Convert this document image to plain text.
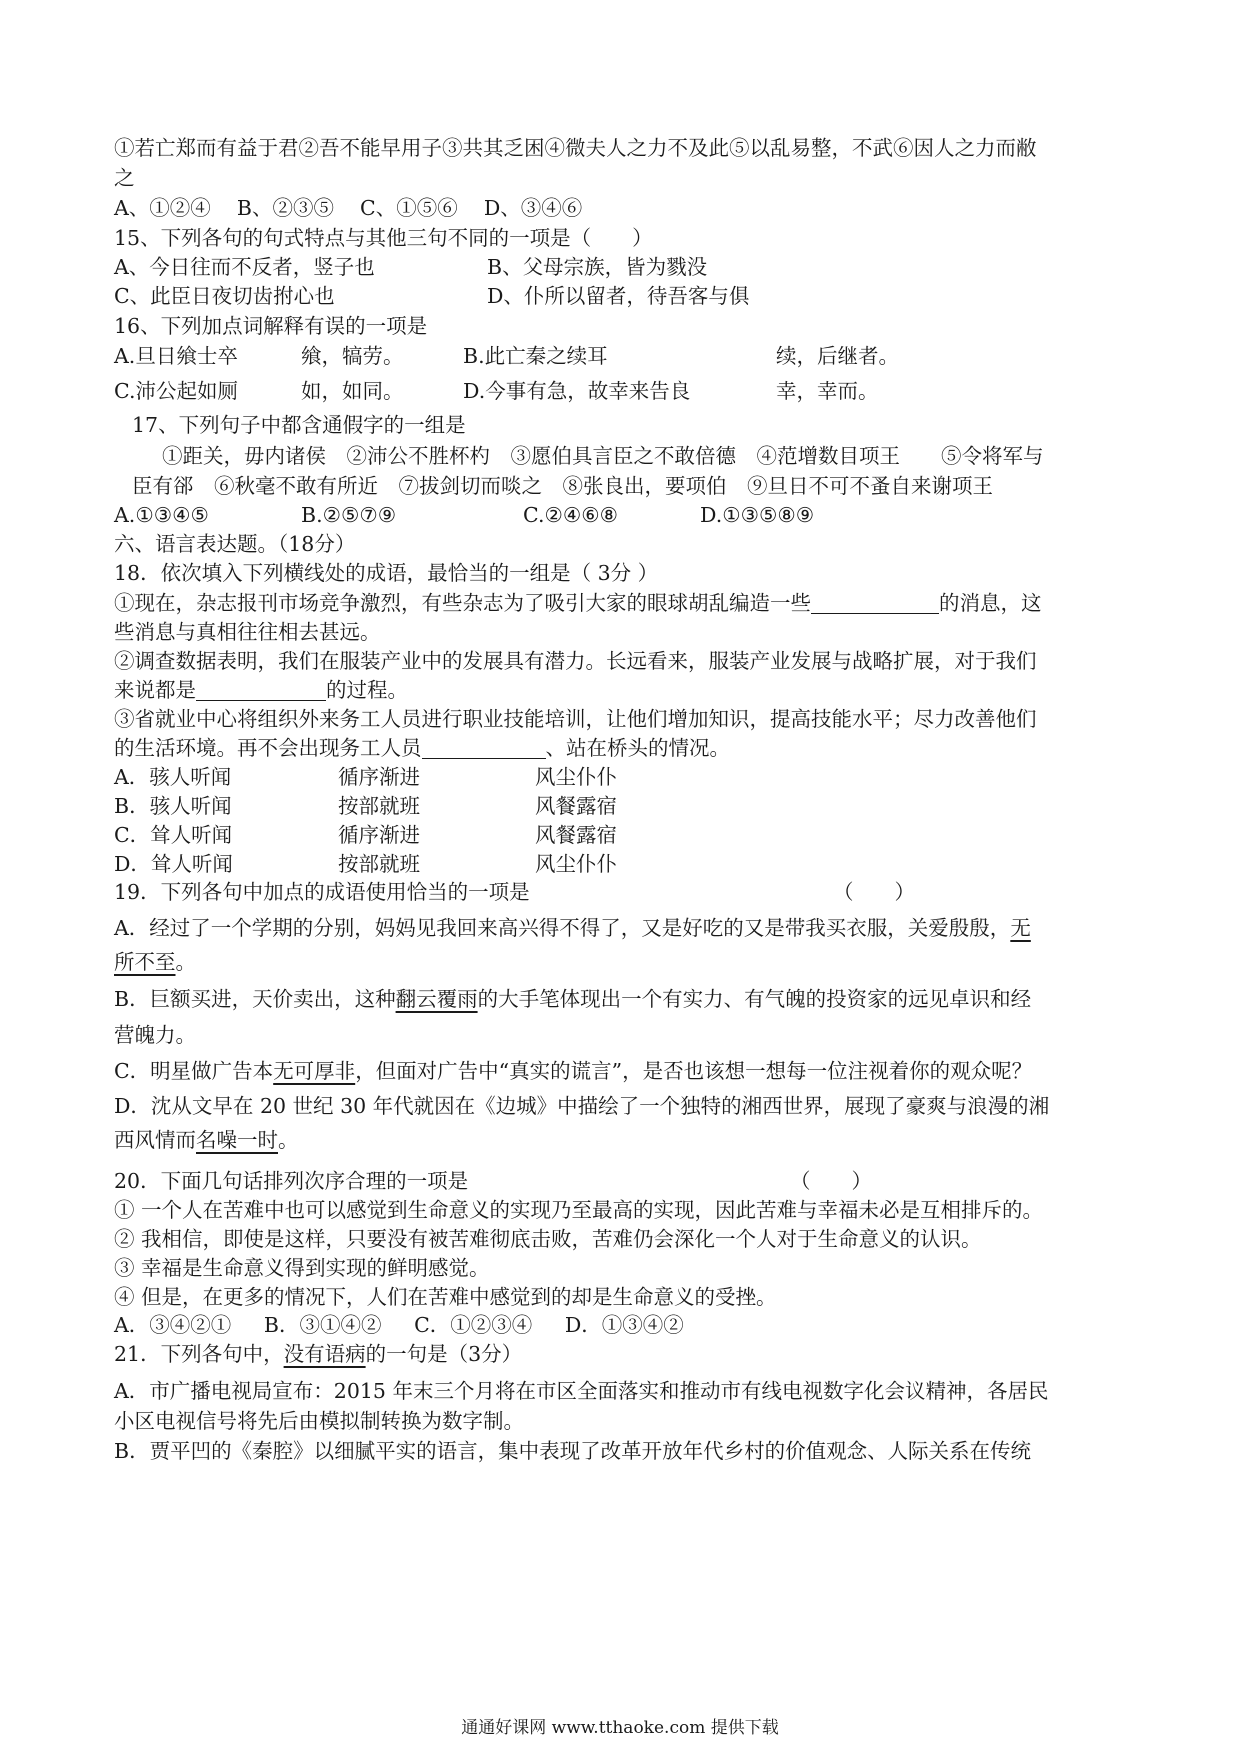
①若亡郑而有益于君②吾不能早用子③共其乏困④微夫人之力不及此⑤以乱易整，不武⑥因人之力而敝
之
A、①②④ B、②③⑤ C、①⑤⑥ D、③④⑥
15、下列各句的句式特点与其他三句不同的一项是（　　）
A、今日往而不反者，竖子也	B、父母宗族，皆为戮没
C、此臣日夜切齿拊心也	D、仆所以留者，待吾客与俱
16、下列加点词解释有误的一项是
A.旦日飨士卒	飨，犒劳。	B.此亡秦之续耳	续，后继者。
C.沛公起如厕	如，如同。	D.今事有急，故幸来告良	幸，幸而。
17、下列句子中都含通假字的一组是
①距关，毋内诸侯　②沛公不胜杯杓　③愿伯具言臣之不敢倍德　④范增数目项王　　⑤令将军与
臣有郤　⑥秋毫不敢有所近　⑦拔剑切而啖之　⑧张良出，要项伯　⑨旦日不可不蚤自来谢项王
A.①③④⑤	B.②⑤⑦⑨	C.②④⑥⑧	D.①③⑤⑧⑨
六、语言表达题。（18分）
18．依次填入下列横线处的成语，最恰当的一组是（ 3分 ）
①现在，杂志报刊市场竞争激烈，有些杂志为了吸引大家的眼球胡乱编造一些	的消息，这
些消息与真相往往相去甚远。
②调查数据表明，我们在服装产业中的发展具有潜力。长远看来，服装产业发展与战略扩展，对于我们
来说都是	的过程。
③省就业中心将组织外来务工人员进行职业技能培训，让他们增加知识，提高技能水平；尽力改善他们
的生活环境。再不会出现务工人员	、站在桥头的情况。
A．骇人听闻	循序渐进	风尘仆仆
B．骇人听闻	按部就班	风餐露宿
C．耸人听闻	循序渐进	风餐露宿
D．耸人听闻	按部就班	风尘仆仆
19．下列各句中加点的成语使用恰当的一项是	（　　）
A．经过了一个学期的分别，妈妈见我回来高兴得不得了，又是好吃的又是带我买衣服，关爱殷殷，无
所不至。
B．巨额买进，天价卖出，这种翻云覆雨的大手笔体现出一个有实力、有气魄的投资家的远见卓识和经
营魄力。
C．明星做广告本无可厚非，但面对广告中“真实的谎言”，是否也该想一想每一位注视着你的观众呢？
D．沈从文早在 20 世纪 30 年代就因在《边城》中描绘了一个独特的湘西世界，展现了豪爽与浪漫的湘
西风情而名噪一时。
20．下面几句话排列次序合理的一项是	（　　）
① 一个人在苦难中也可以感觉到生命意义的实现乃至最高的实现，因此苦难与幸福未必是互相排斥的。
② 我相信，即使是这样，只要没有被苦难彻底击败，苦难仍会深化一个人对于生命意义的认识。
③ 幸福是生命意义得到实现的鲜明感觉。
④ 但是，在更多的情况下，人们在苦难中感觉到的却是生命意义的受挫。
A．③④②① B．③①④② C．①②③④ D．①③④②
21．下列各句中，没有语病的一句是（3分）
A．市广播电视局宣布：2015 年末三个月将在市区全面落实和推动市有线电视数字化会议精神，各居民
小区电视信号将先后由模拟制转换为数字制。
B．贾平凹的《秦腔》以细腻平实的语言，集中表现了改革开放年代乡村的价值观念、人际关系在传统
通通好课网 www.tthaoke.com 提供下载
